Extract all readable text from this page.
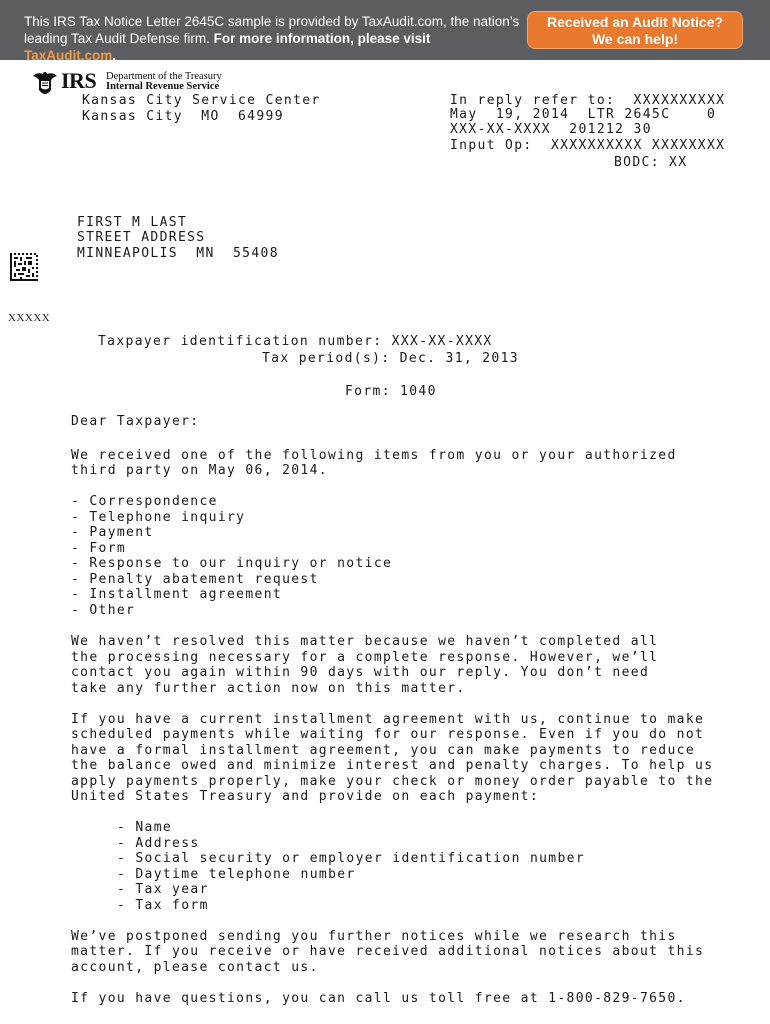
This IRS Tax Notice Letter 2645C sample is provided by TaxAudit.com, the nation’s leading Tax Audit Defense firm. For more information, please visit TaxAudit.com.
Received an Audit Notice?
We can help!
IRS Department of the Treasury
Internal Revenue Service
Kansas City Service Center
Kansas City  MO  64999
In reply refer to:  XXXXXXXXXX
May  19, 2014  LTR 2645C    0
XXX-XX-XXXX  201212 30
Input Op:  XXXXXXXXXX XXXXXXXX
BODC: XX
FIRST M LAST
STREET ADDRESS
MINNEAPOLIS  MN  55408
XXXXX
Taxpayer identification number: XXX-XX-XXXX
Tax period(s): Dec. 31, 2013
Form: 1040
Dear Taxpayer:
We received one of the following items from you or your authorized
third party on May 06, 2014.
- Correspondence
- Telephone inquiry
- Payment
- Form
- Response to our inquiry or notice
- Penalty abatement request
- Installment agreement
- Other
We haven’t resolved this matter because we haven’t completed all
the processing necessary for a complete response. However, we’ll
contact you again within 90 days with our reply. You don’t need
take any further action now on this matter.
If you have a current installment agreement with us, continue to make
scheduled payments while waiting for our response. Even if you do not
have a formal installment agreement, you can make payments to reduce
the balance owed and minimize interest and penalty charges. To help us
apply payments properly, make your check or money order payable to the
United States Treasury and provide on each payment:
- Name
- Address
- Social security or employer identification number
- Daytime telephone number
- Tax year
- Tax form
We’ve postponed sending you further notices while we research this
matter. If you receive or have received additional notices about this
account, please contact us.
If you have questions, you can call us toll free at 1-800-829-7650.
